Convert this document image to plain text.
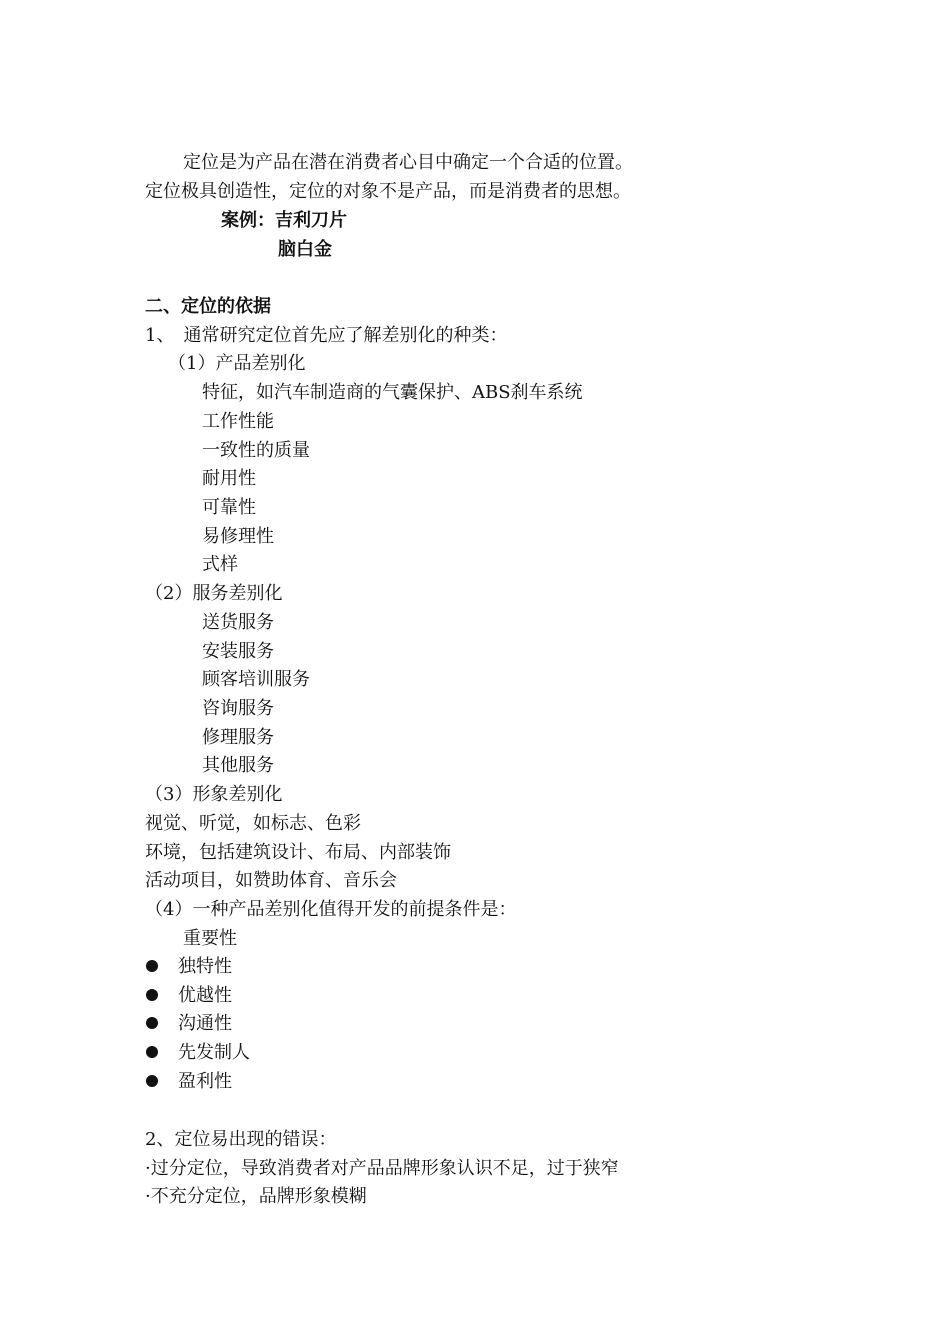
定位是为产品在潜在消费者心目中确定一个合适的位置。
定位极具创造性，定位的对象不是产品，而是消费者的思想。
案例：吉利刀片
脑白金
二、定位的依据
1、　通常研究定位首先应了解差别化的种类：
（1）产品差别化
特征，如汽车制造商的气囊保护、ABS刹车系统
工作性能
一致性的质量
耐用性
可靠性
易修理性
式样
（2）服务差别化
送货服务
安装服务
顾客培训服务
咨询服务
修理服务
其他服务
（3）形象差别化
视觉、听觉，如标志、色彩
环境，包括建筑设计、布局、内部装饰
活动项目，如赞助体育、音乐会
（4）一种产品差别化值得开发的前提条件是：
重要性
独特性
优越性
沟通性
先发制人
盈利性
2、定位易出现的错误：
·过分定位，导致消费者对产品品牌形象认识不足，过于狭窄
·不充分定位，品牌形象模糊
